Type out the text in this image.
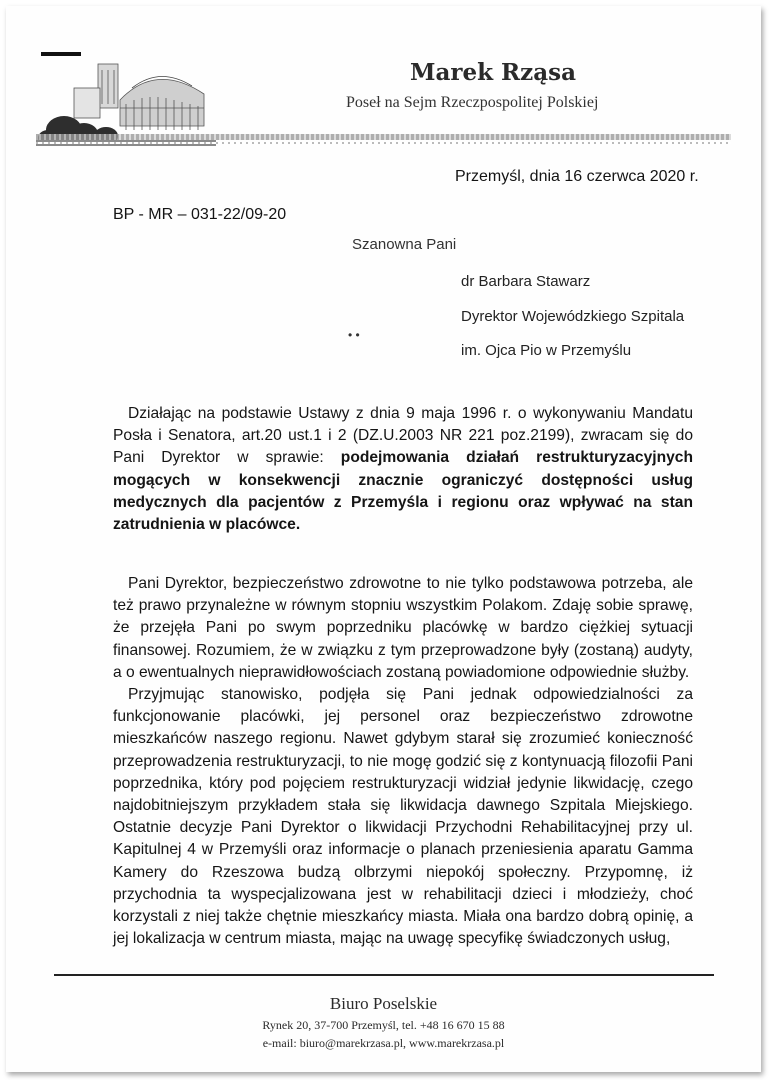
Marek Rząsa
Poseł na Sejm Rzeczpospolitej Polskiej
Przemyśl, dnia 16 czerwca 2020 r.
BP - MR – 031-22/09-20
Szanowna Pani
dr Barbara Stawarz
Dyrektor Wojewódzkiego Szpitala
im. Ojca Pio w Przemyślu
• •

Działając na podstawie Ustawy z dnia 9 maja 1996 r. o wykonywaniu Mandatu Posła i Senatora, art.20 ust.1 i 2 (DZ.U.2003 NR 221 poz.2199), zwracam się do Pani Dyrektor w sprawie: podejmowania działań restrukturyzacyjnych mogących w konsekwencji znacznie ograniczyć dostępności usług medycznych dla pacjentów z Przemyśla i regionu oraz wpływać na stan zatrudnienia w placówce.

Pani Dyrektor, bezpieczeństwo zdrowotne to nie tylko podstawowa potrzeba, ale też prawo przynależne w równym stopniu wszystkim Polakom. Zdaję sobie sprawę, że przejęła Pani po swym poprzedniku placówkę w bardzo ciężkiej sytuacji finansowej. Rozumiem, że w związku z tym przeprowadzone były (zostaną) audyty, a o ewentualnych nieprawidłowościach zostaną powiadomione odpowiednie służby.

Przyjmując stanowisko, podjęła się Pani jednak odpowiedzialności za funkcjonowanie placówki, jej personel oraz bezpieczeństwo zdrowotne mieszkańców naszego regionu. Nawet gdybym starał się zrozumieć konieczność przeprowadzenia restrukturyzacji, to nie mogę godzić się z kontynuacją filozofii Pani poprzednika, który pod pojęciem restrukturyzacji widział jedynie likwidację, czego najdobitniejszym przykładem stała się likwidacja dawnego Szpitala Miejskiego. Ostatnie decyzje Pani Dyrektor o likwidacji Przychodni Rehabilitacyjnej przy ul. Kapitulnej 4 w Przemyśli oraz informacje o planach przeniesienia aparatu Gamma Kamery do Rzeszowa budzą olbrzymi niepokój społeczny. Przypomnę, iż przychodnia ta wyspecjalizowana jest w rehabilitacji dzieci i młodzieży, choć korzystali z niej także chętnie mieszkańcy miasta. Miała ona bardzo dobrą opinię, a jej lokalizacja w centrum miasta, mając na uwagę specyfikę świadczonych usług,

Biuro Poselskie
Rynek 20, 37-700 Przemyśl, tel. +48 16 670 15 88
e-mail: biuro@marekrzasa.pl, www.marekrzasa.pl
